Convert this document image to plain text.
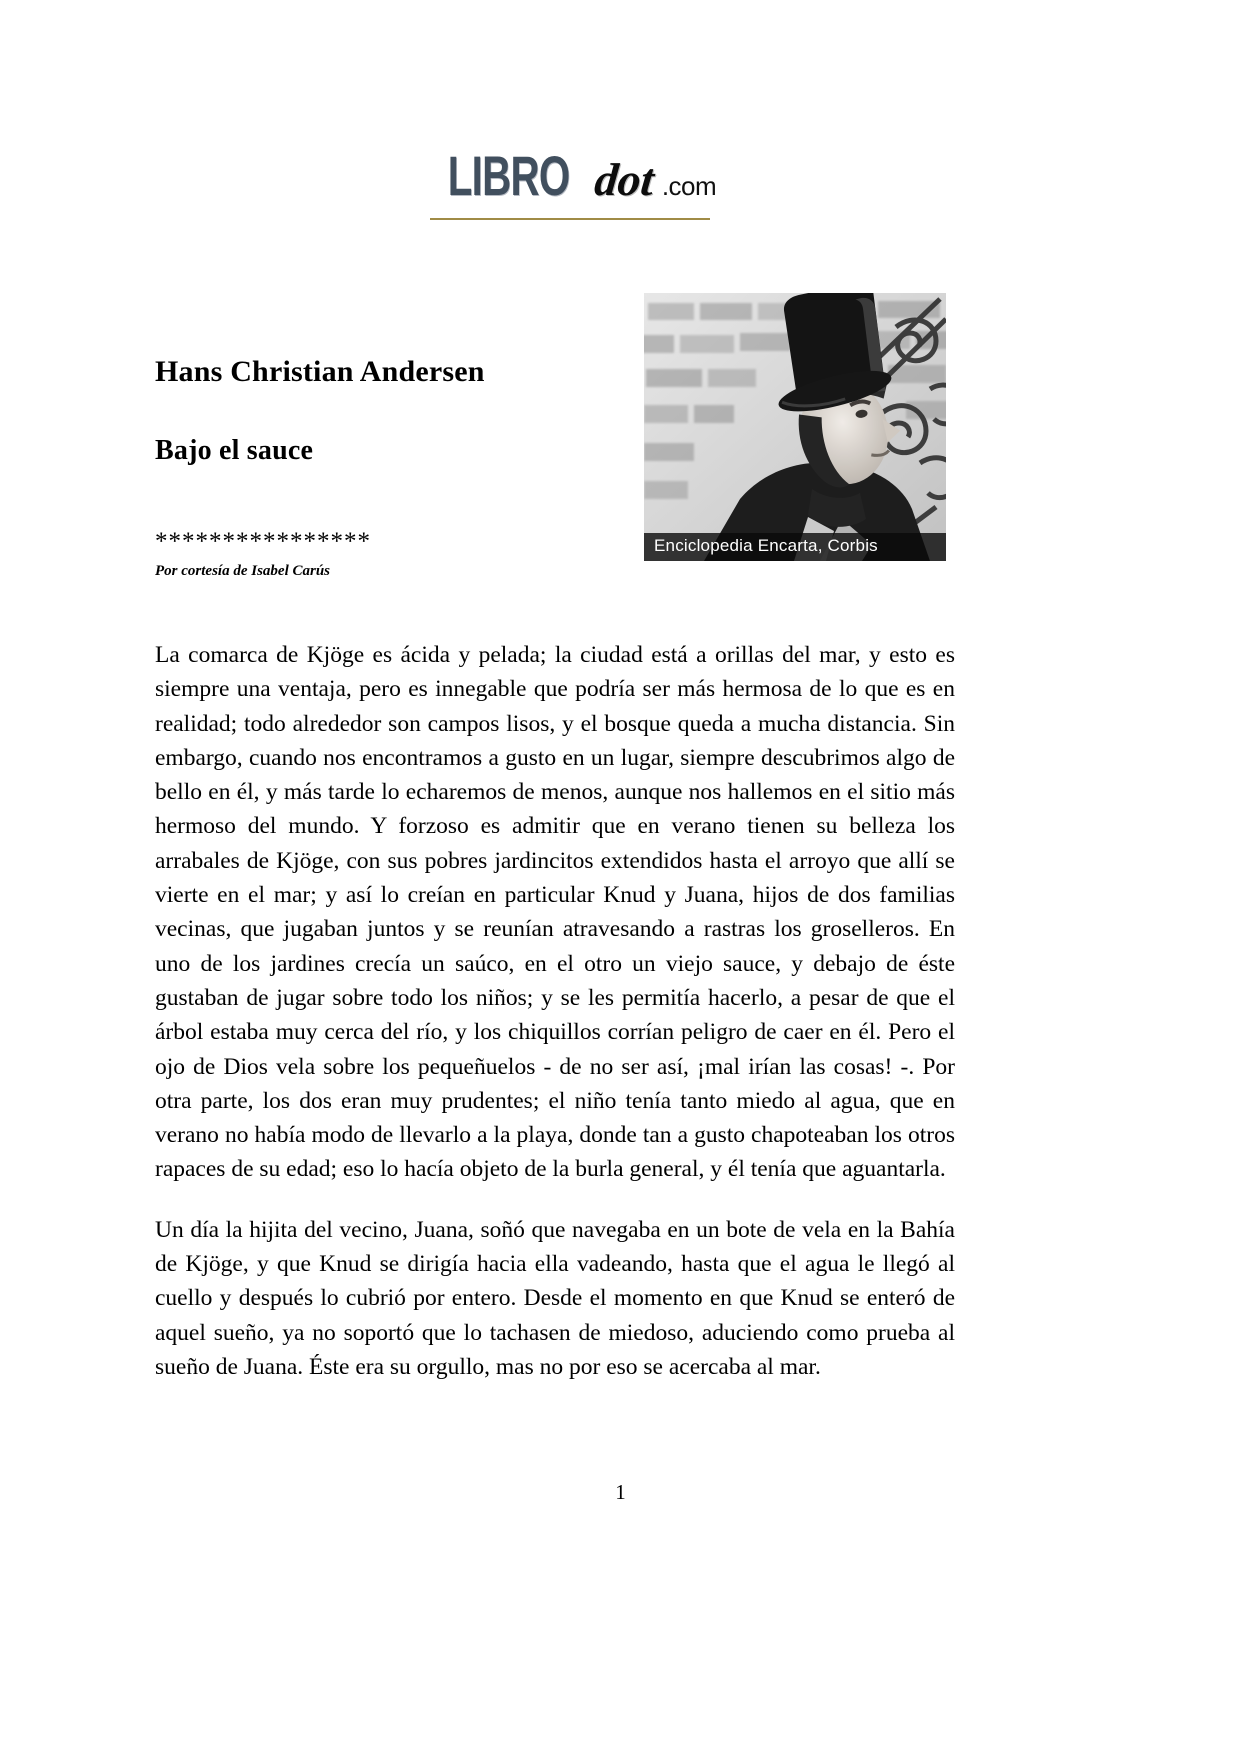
LIBRO dot .com
Enciclopedia Encarta, Corbis
Hans Christian Andersen
Bajo el sauce
****************
Por cortesía de Isabel Carús

La comarca de Kjöge es ácida y pelada; la ciudad está a orillas del mar, y esto es siempre una ventaja, pero es innegable que podría ser más hermosa de lo que es en realidad; todo alrededor son campos lisos, y el bosque queda a mucha distancia. Sin embargo, cuando nos encontramos a gusto en un lugar, siempre descubrimos algo de bello en él, y más tarde lo echaremos de menos, aunque nos hallemos en el sitio más hermoso del mundo. Y forzoso es admitir que en verano tienen su belleza los arrabales de Kjöge, con sus pobres jardincitos extendidos hasta el arroyo que allí se vierte en el mar; y así lo creían en particular Knud y Juana, hijos de dos familias vecinas, que jugaban juntos y se reunían atravesando a rastras los groselleros. En uno de los jardines crecía un saúco, en el otro un viejo sauce, y debajo de éste gustaban de jugar sobre todo los niños; y se les permitía hacerlo, a pesar de que el árbol estaba muy cerca del río, y los chiquillos corrían peligro de caer en él. Pero el ojo de Dios vela sobre los pequeñuelos - de no ser así, ¡mal irían las cosas! -. Por otra parte, los dos eran muy prudentes; el niño tenía tanto miedo al agua, que en verano no había modo de llevarlo a la playa, donde tan a gusto chapoteaban los otros rapaces de su edad; eso lo hacía objeto de la burla general, y él tenía que aguantarla.

Un día la hijita del vecino, Juana, soñó que navegaba en un bote de vela en la Bahía de Kjöge, y que Knud se dirigía hacia ella vadeando, hasta que el agua le llegó al cuello y después lo cubrió por entero. Desde el momento en que Knud se enteró de aquel sueño, ya no soportó que lo tachasen de miedoso, aduciendo como prueba al sueño de Juana. Éste era su orgullo, mas no por eso se acercaba al mar.

1
